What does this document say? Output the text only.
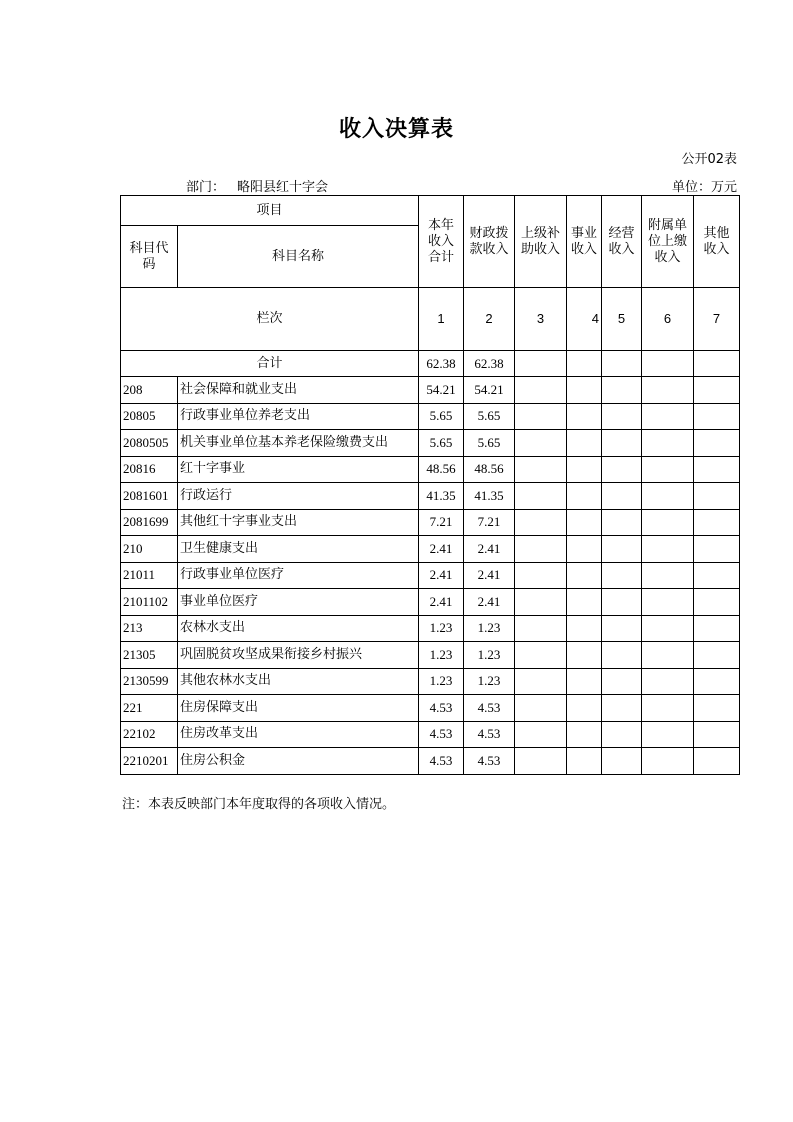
收入决算表
公开02表
部门： 略阳县红十字会	单位：万元
项目		本年收入合计	财政拨款收入	上级补助收入	事业收入	经营收入	附属单位上缴收入	其他收入

科目代码	科目名称							
栏次		1	2	3	4	5	6	7
合计		62.38	62.38					
208	社会保障和就业支出	54.21	54.21					
20805	行政事业单位养老支出	5.65	5.65					
2080505	机关事业单位基本养老保险缴费支出	5.65	5.65					
20816	红十字事业	48.56	48.56					
2081601	行政运行	41.35	41.35					
2081699	其他红十字事业支出	7.21	7.21					
210	卫生健康支出	2.41	2.41					
21011	行政事业单位医疗	2.41	2.41					
2101102	事业单位医疗	2.41	2.41					
213	农林水支出	1.23	1.23					
21305	巩固脱贫攻坚成果衔接乡村振兴	1.23	1.23					
2130599	其他农林水支出	1.23	1.23					
221	住房保障支出	4.53	4.53					
22102	住房改革支出	4.53	4.53					
2210201	住房公积金	4.53	4.53					
注：本表反映部门本年度取得的各项收入情况。
